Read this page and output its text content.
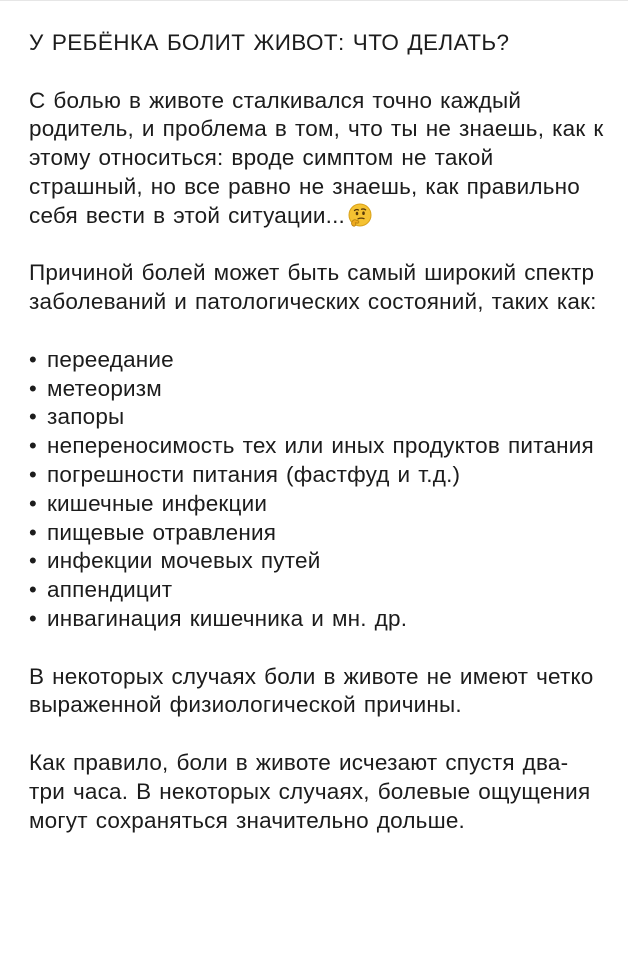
У РЕБЁНКА БОЛИТ ЖИВОТ: ЧТО ДЕЛАТЬ?

С болью в животе сталкивался точно каждый родитель, и проблема в том, что ты не знаешь, как к этому относиться: вроде симптом не такой страшный, но все равно не знаешь, как правильно себя вести в этой ситуации...

Причиной болей может быть самый широкий спектр заболеваний и патологических состояний, таких как:

• переедание
• метеоризм
• запоры
• непереносимость тех или иных продуктов питания
• погрешности питания (фастфуд и т.д.)
• кишечные инфекции
• пищевые отравления
• инфекции мочевых путей
• аппендицит
• инвагинация кишечника и мн. др.

В некоторых случаях боли в животе не имеют четко выраженной физиологической причины.

Как правило, боли в животе исчезают спустя два-три часа. В некоторых случаях, болевые ощущения могут сохраняться значительно дольше.
